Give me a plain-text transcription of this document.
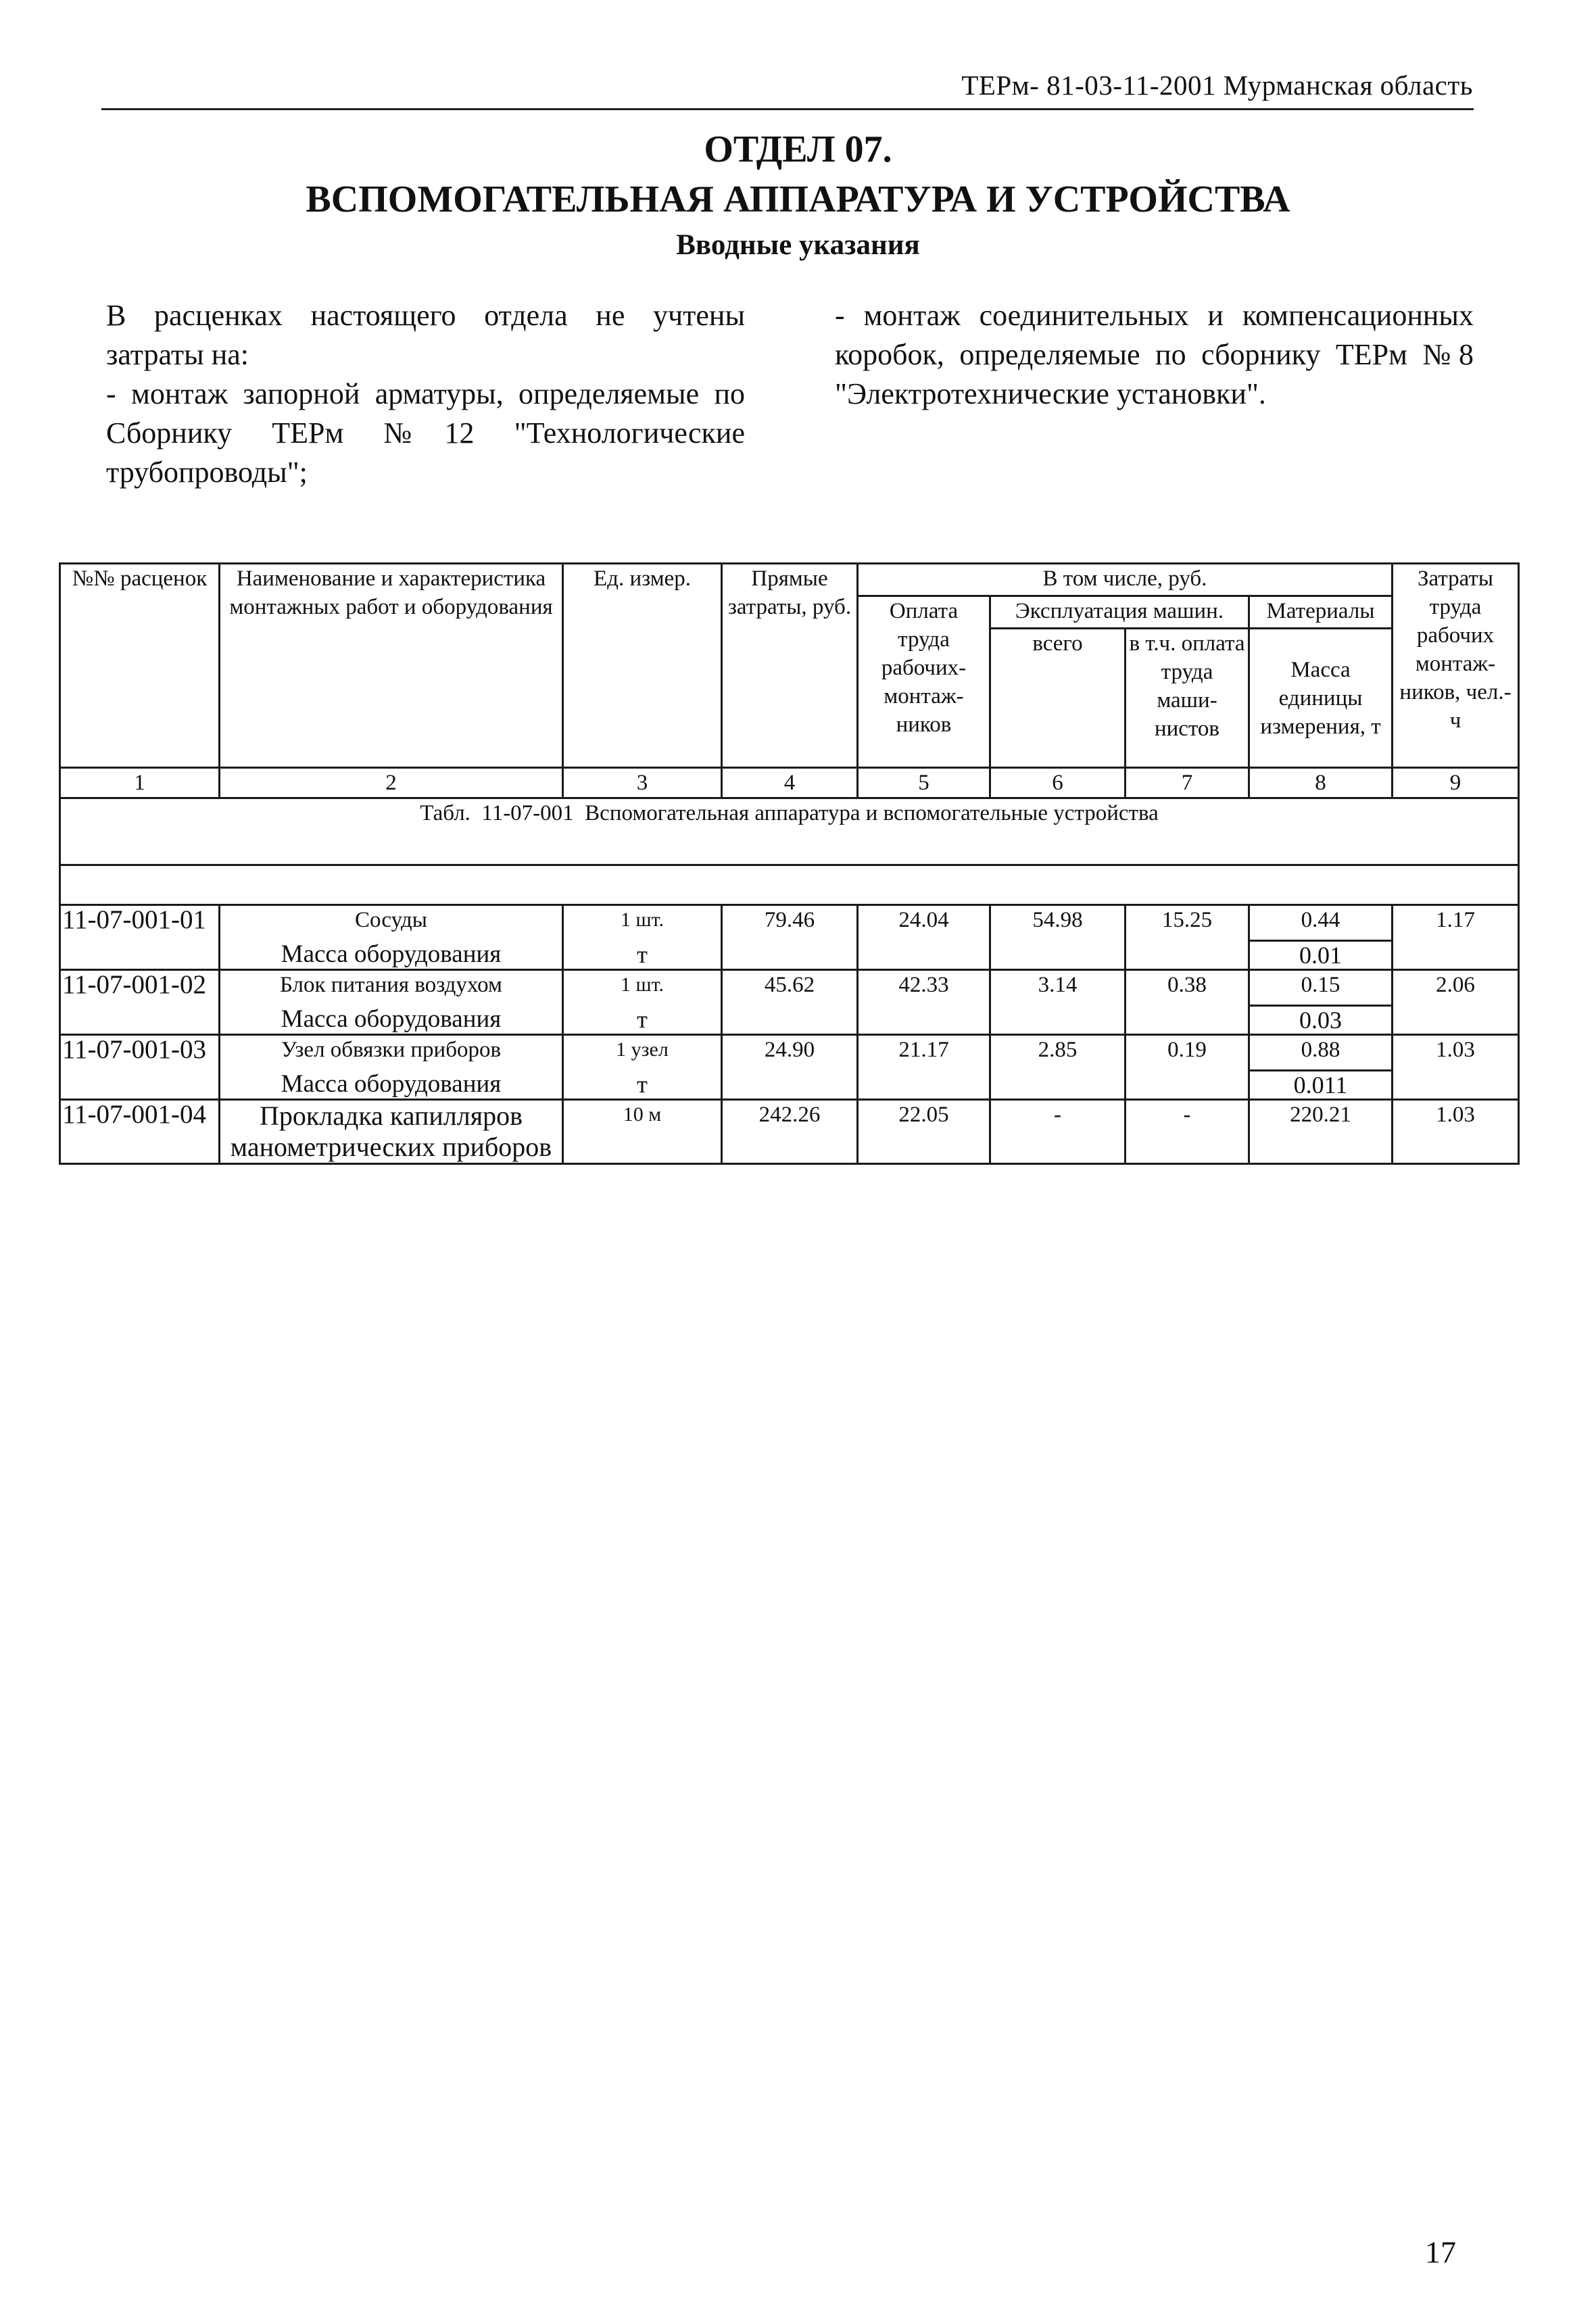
ТЕРм- 81-03-11-2001 Мурманская область
ОТДЕЛ 07.
ВСПОМОГАТЕЛЬНАЯ АППАРАТУРА И УСТРОЙСТВА
Вводные указания

В расценках настоящего отдела не учтены затраты на:

- монтаж запорной арматуры, определяемые по Сборнику ТЕРм №12 "Технологические трубопроводы";

- монтаж соединительных и компенсационных коробок, определяемые по сборнику ТЕРм №8 "Электротехнические установки".

№№ расценок	Наименование и характеристика монтажных работ и оборудования	Ед. измер.	Прямые затраты, руб.	В том числе, руб.				Затраты труда рабочих монтаж-ников, чел.-ч
				Оплата труда рабочих-монтаж-ников	Эксплуатация машин.		Материалы	
					всего	в т.ч. оплата труда маши-нистов	Масса единицы измерения, т	
1	2	3	4	5	6	7	8	9
Табл.  11-07-001  Вспомогательная аппаратура и вспомогательные устройства								

11-07-001-01	Сосуды	1 шт.	79.46	24.04	54.98	15.25	0.44	1.17
	Масса оборудования	т					0.01	
11-07-001-02	Блок питания воздухом	1 шт.	45.62	42.33	3.14	0.38	0.15	2.06
	Масса оборудования	т					0.03	
11-07-001-03	Узел обвязки приборов	1 узел	24.90	21.17	2.85	0.19	0.88	1.03
	Масса оборудования	т					0.011	
11-07-001-04	Прокладка капилляров
манометрических приборов	10 м	242.26	22.05	-	-	220.21	1.03
17
